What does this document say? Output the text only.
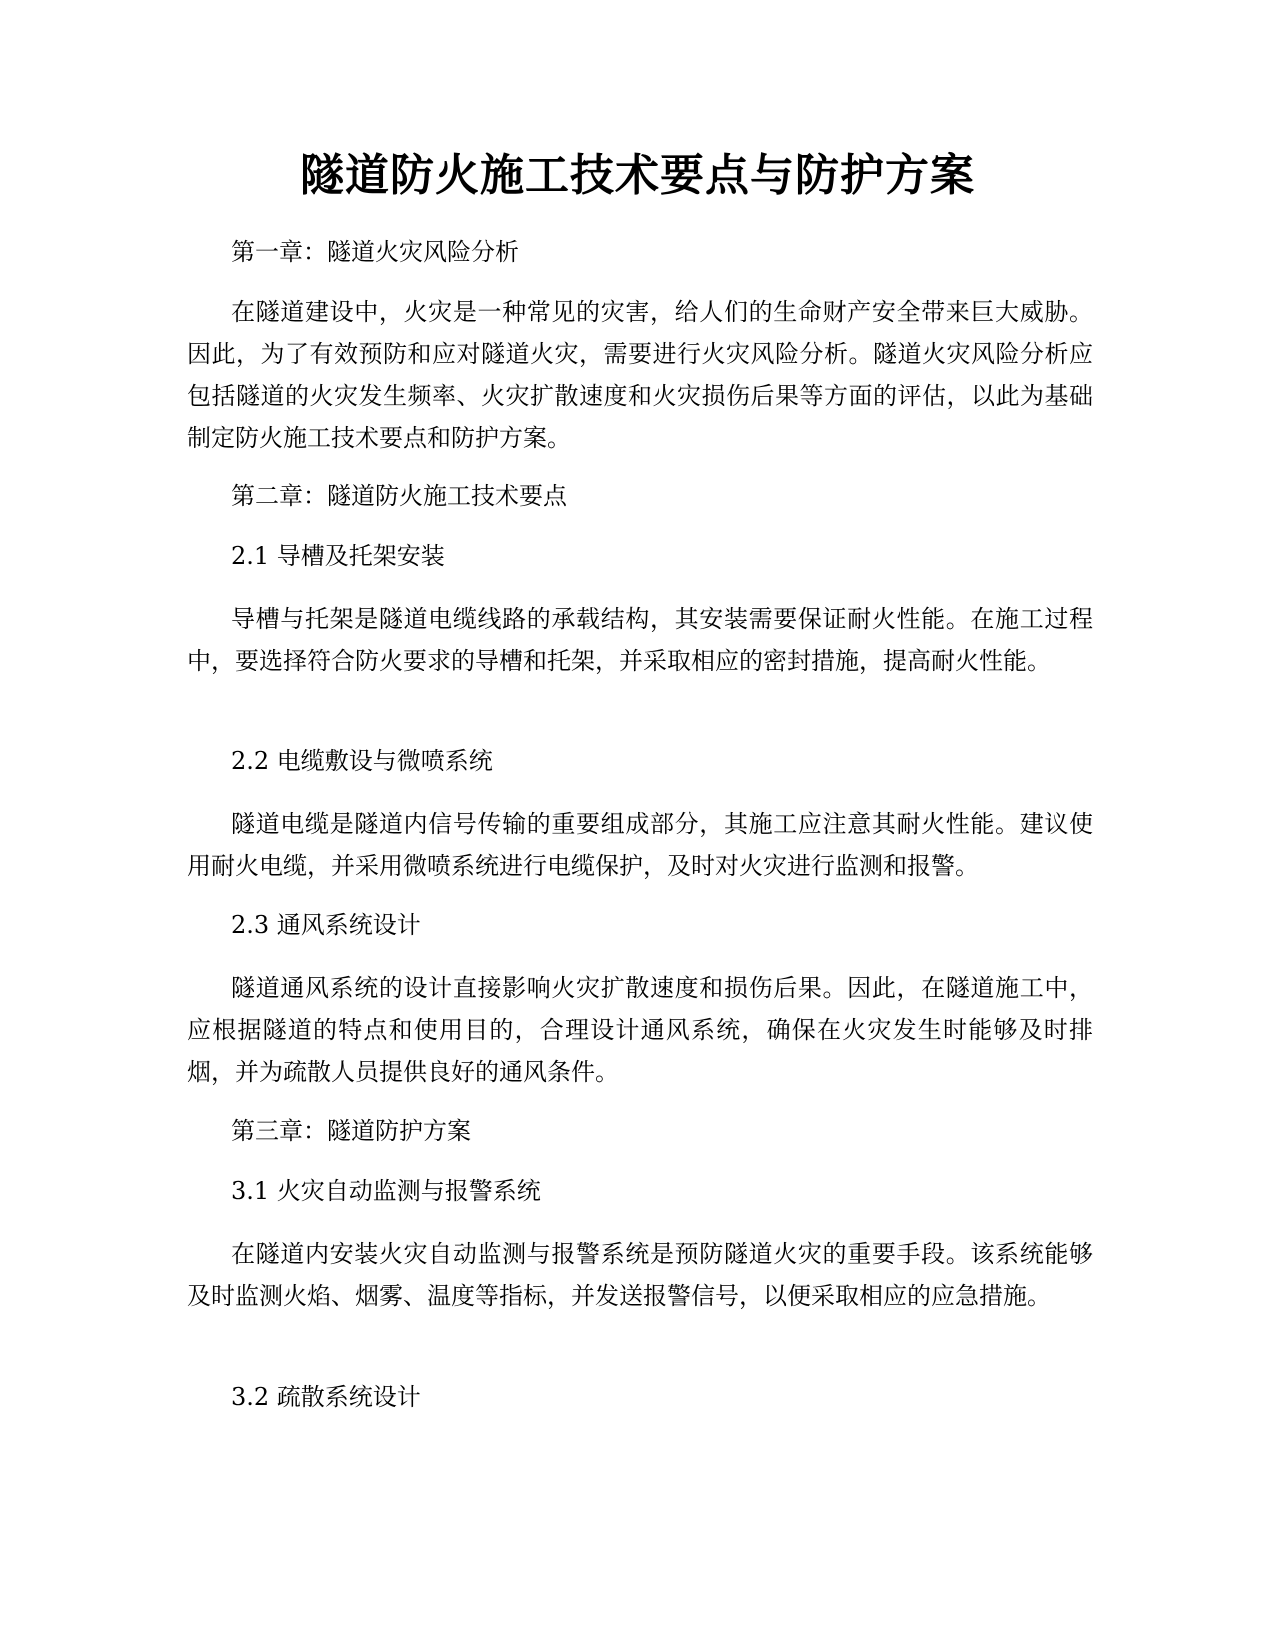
隧道防火施工技术要点与防护方案

第一章：隧道火灾风险分析

在隧道建设中，火灾是一种常见的灾害，给人们的生命财产安全带来巨大威胁。因此，为了有效预防和应对隧道火灾，需要进行火灾风险分析。隧道火灾风险分析应包括隧道的火灾发生频率、火灾扩散速度和火灾损伤后果等方面的评估，以此为基础制定防火施工技术要点和防护方案。

第二章：隧道防火施工技术要点

2.1 导槽及托架安装

导槽与托架是隧道电缆线路的承载结构，其安装需要保证耐火性能。在施工过程中，要选择符合防火要求的导槽和托架，并采取相应的密封措施，提高耐火性能。

2.2 电缆敷设与微喷系统

隧道电缆是隧道内信号传输的重要组成部分，其施工应注意其耐火性能。建议使用耐火电缆，并采用微喷系统进行电缆保护，及时对火灾进行监测和报警。

2.3 通风系统设计

隧道通风系统的设计直接影响火灾扩散速度和损伤后果。因此，在隧道施工中，应根据隧道的特点和使用目的，合理设计通风系统，确保在火灾发生时能够及时排烟，并为疏散人员提供良好的通风条件。

第三章：隧道防护方案

3.1 火灾自动监测与报警系统

在隧道内安装火灾自动监测与报警系统是预防隧道火灾的重要手段。该系统能够及时监测火焰、烟雾、温度等指标，并发送报警信号，以便采取相应的应急措施。

3.2 疏散系统设计
